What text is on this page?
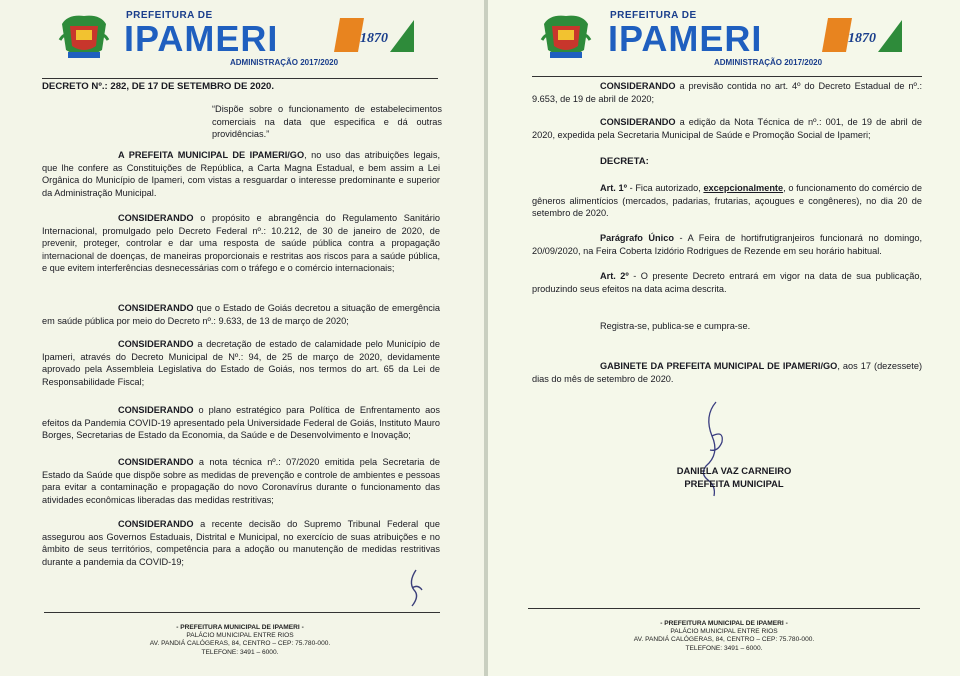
PREFEITURA DE
IPAMERI
ADMINISTRAÇÃO 2017/2020
1870
DECRETO Nº.: 282, DE 17 DE SETEMBRO DE 2020.
“Dispõe sobre o funcionamento de estabelecimentos comerciais na data que especifica e dá outras providências.”
A PREFEITA MUNICIPAL DE IPAMERI/GO, no uso das atribuições legais, que lhe confere as Constituições de República, a Carta Magna Estadual, e bem assim a Lei Orgânica do Município de Ipameri, com vistas a resguardar o interesse predominante e superior da Administração Municipal.
CONSIDERANDO o propósito e abrangência do Regulamento Sanitário Internacional, promulgado pelo Decreto Federal nº.: 10.212, de 30 de janeiro de 2020, de prevenir, proteger, controlar e dar uma resposta de saúde pública contra a propagação internacional de doenças, de maneiras proporcionais e restritas aos riscos para a saúde pública, e que evitem interferências desnecessárias com o tráfego e o comércio internacionais;
CONSIDERANDO que o Estado de Goiás decretou a situação de emergência em saúde pública por meio do Decreto nº.: 9.633, de 13 de março de 2020;
CONSIDERANDO a decretação de estado de calamidade pelo Município de Ipameri, através do Decreto Municipal de Nº.: 94, de 25 de março de 2020, devidamente aprovado pela Assembleia Legislativa do Estado de Goiás, nos termos do art. 65 da Lei de Responsabilidade Fiscal;
CONSIDERANDO o plano estratégico para Política de Enfrentamento aos efeitos da Pandemia COVID-19 apresentado pela Universidade Federal de Goiás, Instituto Mauro Borges, Secretarias de Estado da Economia, da Saúde e de Desenvolvimento e Inovação;
CONSIDERANDO a nota técnica nº.: 07/2020 emitida pela Secretaria de Estado da Saúde que dispõe sobre as medidas de prevenção e controle de ambientes e pessoas para evitar a contaminação e propagação do novo Coronavírus durante o funcionamento das atividades econômicas liberadas das medidas restritivas;
CONSIDERANDO a recente decisão do Supremo Tribunal Federal que assegurou aos Governos Estaduais, Distrital e Municipal, no exercício de suas atribuições e no âmbito de seus territórios, competência para a adoção ou manutenção de medidas restritivas durante a pandemia da COVID-19;
- PREFEITURA MUNICIPAL DE IPAMERI -
PALÁCIO MUNICIPAL ENTRE RIOS
AV. PANDIÁ CALÓGERAS, 84, CENTRO – CEP: 75.780-000.
TELEFONE: 3491 – 6000.
PREFEITURA DE
IPAMERI
ADMINISTRAÇÃO 2017/2020
1870
CONSIDERANDO a previsão contida no art. 4º do Decreto Estadual de nº.: 9.653, de 19 de abril de 2020;
CONSIDERANDO a edição da Nota Técnica de nº.: 001, de 19 de abril de 2020, expedida pela Secretaria Municipal de Saúde e Promoção Social de Ipameri;
DECRETA:
Art. 1º - Fica autorizado, excepcionalmente, o funcionamento do comércio de gêneros alimentícios (mercados, padarias, frutarias, açougues e congêneres), no dia 20 de setembro de 2020.
Parágrafo Único - A Feira de hortifrutigranjeiros funcionará no domingo, 20/09/2020, na Feira Coberta Izidório Rodrigues de Rezende em seu horário habitual.
Art. 2º - O presente Decreto entrará em vigor na data de sua publicação, produzindo seus efeitos na data acima descrita.
Registra-se, publica-se e cumpra-se.
GABINETE DA PREFEITA MUNICIPAL DE IPAMERI/GO, aos 17 (dezessete) dias do mês de setembro de 2020.
DANIELA VAZ CARNEIRO
PREFEITA MUNICIPAL
- PREFEITURA MUNICIPAL DE IPAMERI -
PALÁCIO MUNICIPAL ENTRE RIOS
AV. PANDIÁ CALÓGERAS, 84, CENTRO – CEP: 75.780-000.
TELEFONE: 3491 – 6000.
